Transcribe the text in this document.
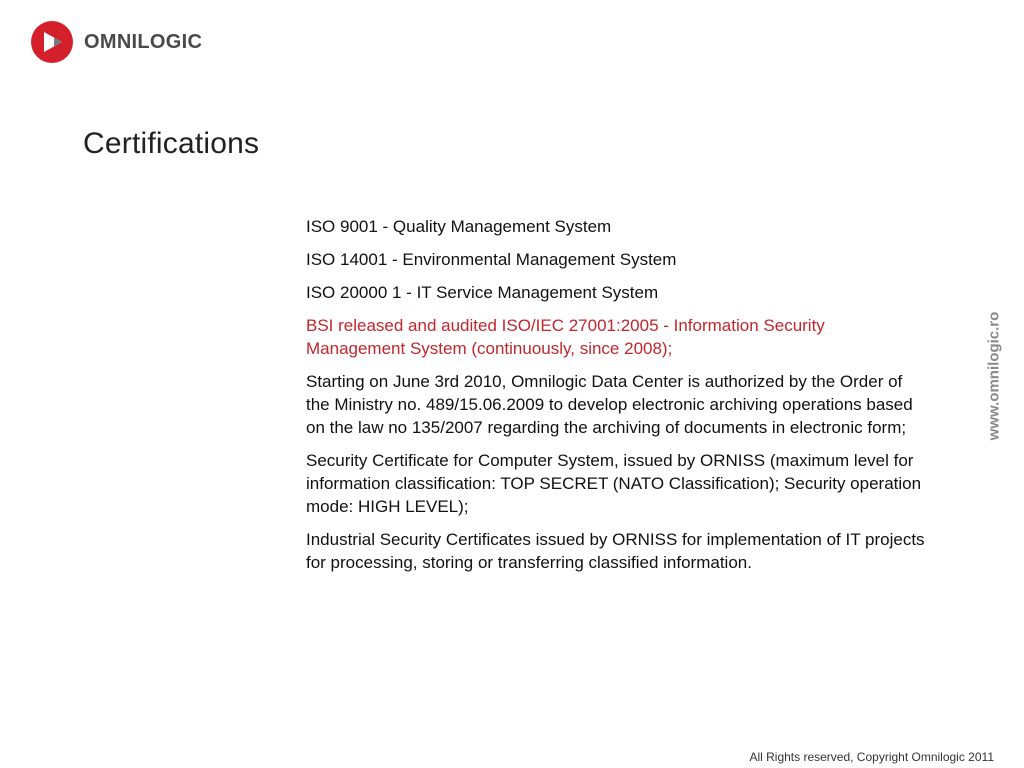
OMNILOGIC
Certifications
ISO 9001 - Quality Management System
ISO 14001 - Environmental Management System
ISO 20000 1 - IT Service Management System
BSI released and audited ISO/IEC 27001:2005 - Information Security Management System (continuously, since 2008);
Starting on June 3rd 2010, Omnilogic Data Center is authorized by the Order of the Ministry no. 489/15.06.2009 to develop electronic archiving operations based on the law no 135/2007 regarding the archiving of documents in electronic form;
Security Certificate for Computer System, issued by ORNISS (maximum level for information classification: TOP SECRET (NATO Classification); Security operation mode: HIGH LEVEL);
Industrial Security Certificates issued by ORNISS for implementation of IT projects for processing, storing or transferring classified information.
www.omnilogic.ro
All Rights reserved, Copyright Omnilogic 2011
